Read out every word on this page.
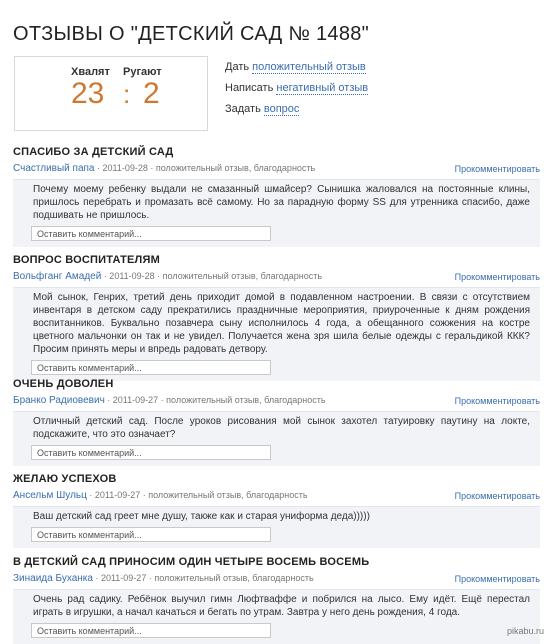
ОТЗЫВЫ О "ДЕТСКИЙ САД № 1488"
Хвалят Ругают
23 : 2
Дать положительный отзыв
Написать негативный отзыв
Задать вопрос
СПАСИБО ЗА ДЕТСКИЙ САД
Счастливый папа · 2011-09-28 · положительный отзыв, благодарность	Прокомментировать

Почему моему ребенку выдали не смазанный шмайсер? Сынишка жаловался на постоянные клины, пришлось перебрать и промазать всё самому. Но за парадную форму SS для утренника спасибо, даже подшивать не пришлось.

Оставить комментарий...
ВОПРОС ВОСПИТАТЕЛЯМ
Вольфганг Амадей · 2011-09-28 · положительный отзыв, благодарность	Прокомментировать

Мой сынок, Генрих, третий день приходит домой в подавленном настроении. В связи с отсутствием инвентаря в детском саду прекратились праздничные мероприятия, приуроченные к дням рождения воспитанников. Буквально позавчера сыну исполнилось 4 года, а обещанного сожжения на костре цветного мальчонки он так и не увидел. Получается жена зря шила белые одежды с геральдикой ККК? Просим принять меры и впредь радовать детвору.

Оставить комментарий...
ОЧЕНЬ ДОВОЛЕН
Бранко Радиовевич · 2011-09-27 · положительный отзыв, благодарность	Прокомментировать

Отличный детский сад. После уроков рисования мой сынок захотел татуировку паутину на локте, подскажите, что это означает?

Оставить комментарий...
ЖЕЛАЮ УСПЕХОВ
Ансельм Шульц · 2011-09-27 · положительный отзыв, благодарность	Прокомментировать

Ваш детский сад греет мне душу, также как и старая униформа деда)))))

Оставить комментарий...
В ДЕТСКИЙ САД ПРИНОСИМ ОДИН ЧЕТЫРЕ ВОСЕМЬ ВОСЕМЬ
Зинаида Буханка · 2011-09-27 · положительный отзыв, благодарность	Прокомментировать

Очень рад садику. Ребёнок выучил гимн Люфтваффе и побрился на лысо. Ему идёт. Ещё перестал играть в игрушки, а начал качаться и бегать по утрам. Завтра у него день рождения, 4 года.

Оставить комментарий...	pikabu.ru
